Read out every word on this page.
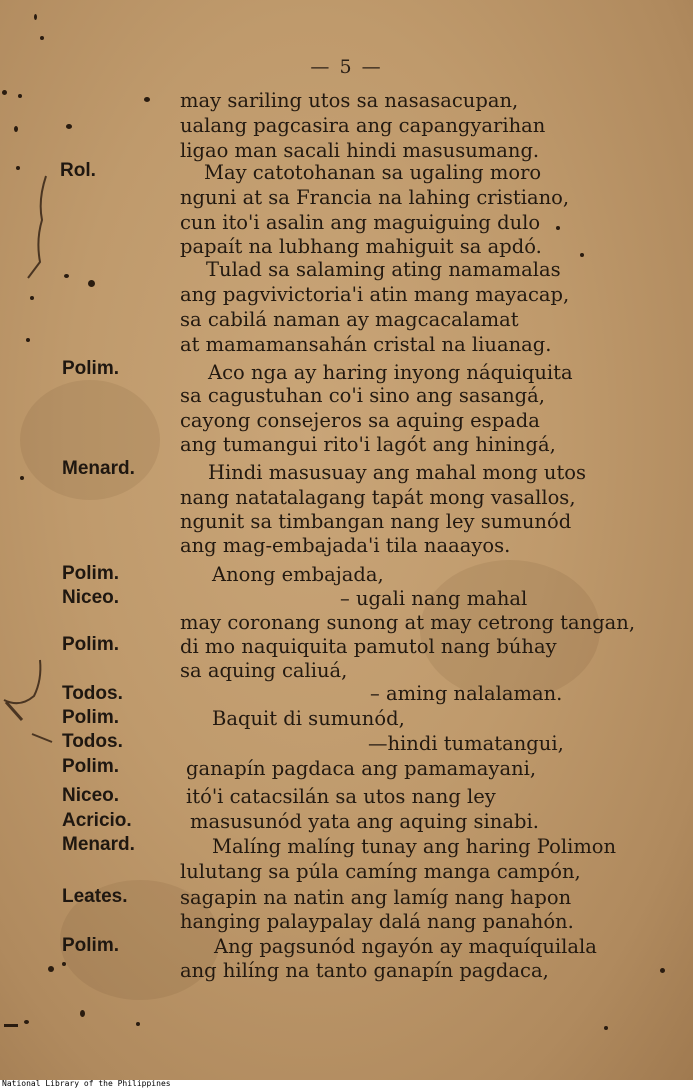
— 5 —
may sariling utos sa nasasacupan,
ualang pagcasira ang capangyarihan
ligao man sacali hindi masusumang.
May catotohanan sa ugaling moro
nguni at sa Francia na lahing cristiano,
cun ito'i asalin ang maguiguing dulo
papaít na lubhang mahiguit sa apdó.
Tulad sa salaming ating namamalas
ang pagvivictoria'i atin mang mayacap,
sa cabilá naman ay magcacalamat
at mamamansahán cristal na liuanag.
Aco nga ay haring inyong náquiquita
sa cagustuhan co'i sino ang sasangá,
cayong consejeros sa aquing espada
ang tumangui rito'i lagót ang hiningá,
Hindi masusuay ang mahal mong utos
nang natatalagang tapát mong vasallos,
ngunit sa timbangan nang ley sumunód
ang mag-embajada'i tila naaayos.
Anong embajada,
– ugali nang mahal
may coronang sunong at may cetrong tangan,
di mo naquiquita pamutol nang búhay
sa aquing caliuá,
– aming nalalaman.
Baquit di sumunód,
—hindi tumatangui,
ganapín pagdaca ang pamamayani,
itó'i catacsilán sa utos nang ley
masusunód yata ang aquing sinabi.
Malíng malíng tunay ang haring Polimon
lulutang sa púla camíng manga campón,
sagapin na natin ang lamíg nang hapon
hanging palaypalay dalá nang panahón.
Ang pagsunód ngayón ay maquíquilala
ang hilíng na tanto ganapín pagdaca,
Rol.
Polim.
Menard.
Polim.
Niceo.
Polim.
Todos.
Polim.
Todos.
Polim.
Niceo.
Acricio.
Menard.
Leates.
Polim.
National Library of the Philippines
